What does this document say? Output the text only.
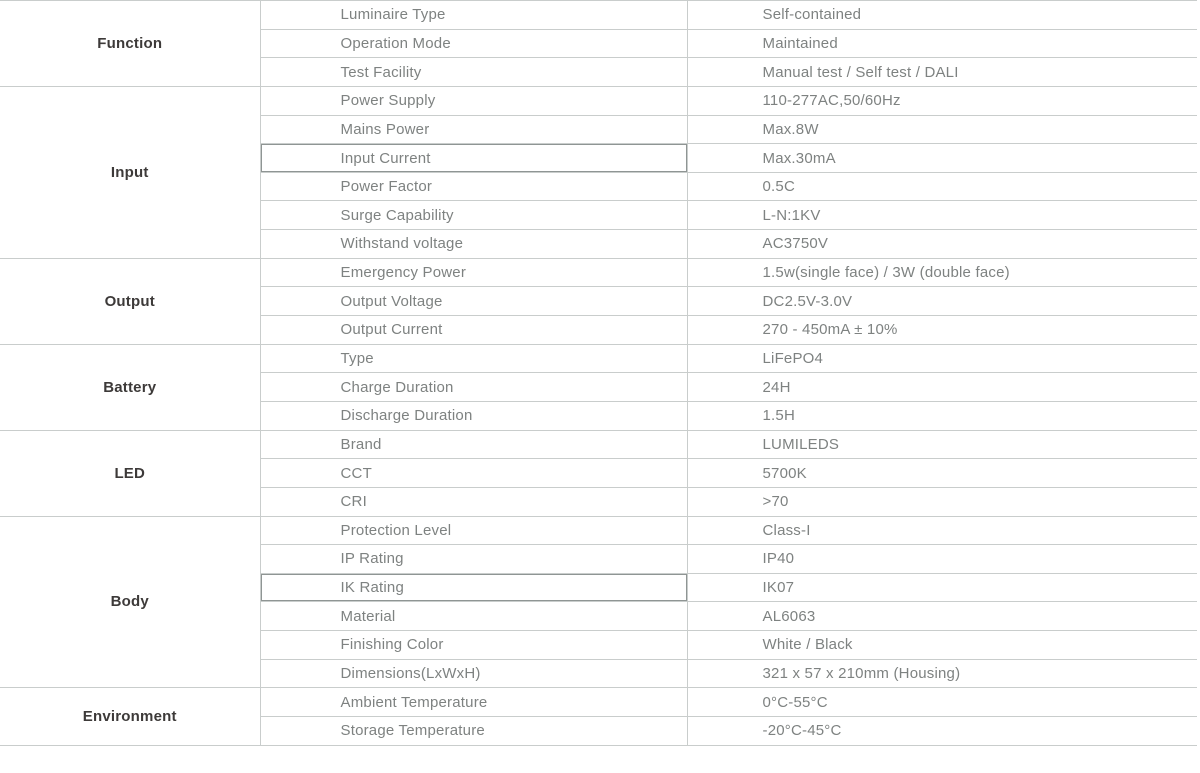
Function	Luminaire Type	Self-contained
	Operation Mode	Maintained
	Test Facility	Manual test / Self test / DALI
Input	Power Supply	110-277AC,50/60Hz
	Mains Power	Max.8W
	Input Current	Max.30mA
	Power Factor	0.5C
	Surge Capability	L-N:1KV
	Withstand voltage	AC3750V
Output	Emergency Power	1.5w(single face) / 3W (double face)
	Output Voltage	DC2.5V-3.0V
	Output Current	270 - 450mA ± 10%
Battery	Type	LiFePO4
	Charge Duration	24H
	Discharge Duration	1.5H
LED	Brand	LUMILEDS
	CCT	5700K
	CRI	>70
Body	Protection Level	Class-I
	IP Rating	IP40
	IK Rating	IK07
	Material	AL6063
	Finishing Color	White / Black
	Dimensions(LxWxH)	321 x 57 x 210mm (Housing)
Environment	Ambient Temperature	0°C-55°C
	Storage Temperature	-20°C-45°C
